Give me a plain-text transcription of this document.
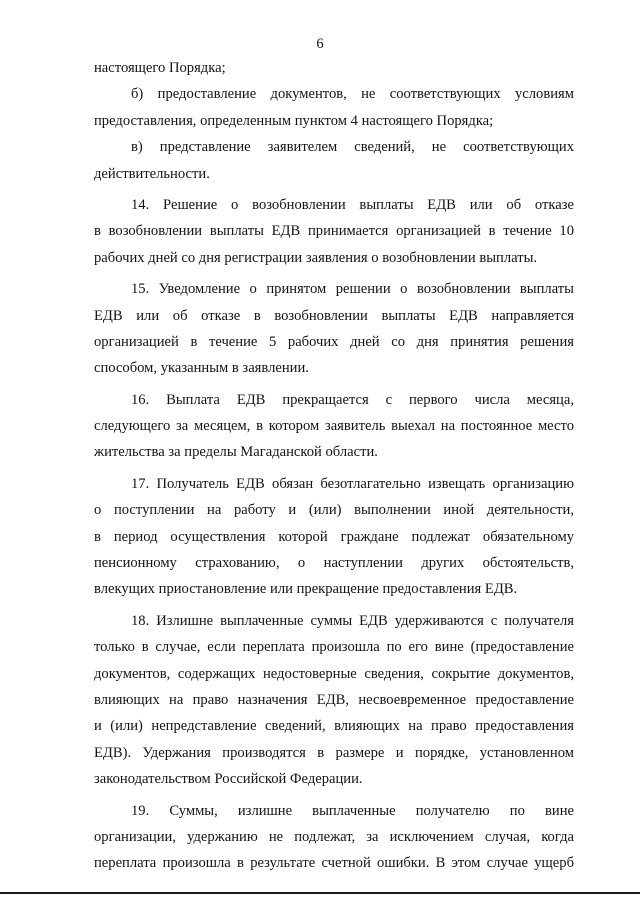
6
настоящего Порядка;
б) предоставление документов, не соответствующих условиям
предоставления, определенным пунктом 4 настоящего Порядка;
в) представление заявителем сведений, не соответствующих
действительности.
14. Решение о возобновлении выплаты ЕДВ или об отказе
в возобновлении выплаты ЕДВ принимается организацией в течение 10
рабочих дней со дня регистрации заявления о возобновлении выплаты.
15. Уведомление о принятом решении о возобновлении выплаты
ЕДВ или об отказе в возобновлении выплаты ЕДВ направляется
организацией в течение 5 рабочих дней со дня принятия решения
способом, указанным в заявлении.
16. Выплата ЕДВ прекращается с первого числа месяца,
следующего за месяцем, в котором заявитель выехал на постоянное место
жительства за пределы Магаданской области.
17. Получатель ЕДВ обязан безотлагательно извещать организацию
о поступлении на работу и (или) выполнении иной деятельности,
в период осуществления которой граждане подлежат обязательному
пенсионному страхованию, о наступлении других обстоятельств,
влекущих приостановление или прекращение предоставления ЕДВ.
18. Излишне выплаченные суммы ЕДВ удерживаются с получателя
только в случае, если переплата произошла по его вине (предоставление
документов, содержащих недостоверные сведения, сокрытие документов,
влияющих на право назначения ЕДВ, несвоевременное предоставление
и (или) непредставление сведений, влияющих на право предоставления
ЕДВ). Удержания производятся в размере и порядке, установленном
законодательством Российской Федерации.
19. Суммы, излишне выплаченные получателю по вине
организации, удержанию не подлежат, за исключением случая, когда
переплата произошла в результате счетной ошибки. В этом случае ущерб
